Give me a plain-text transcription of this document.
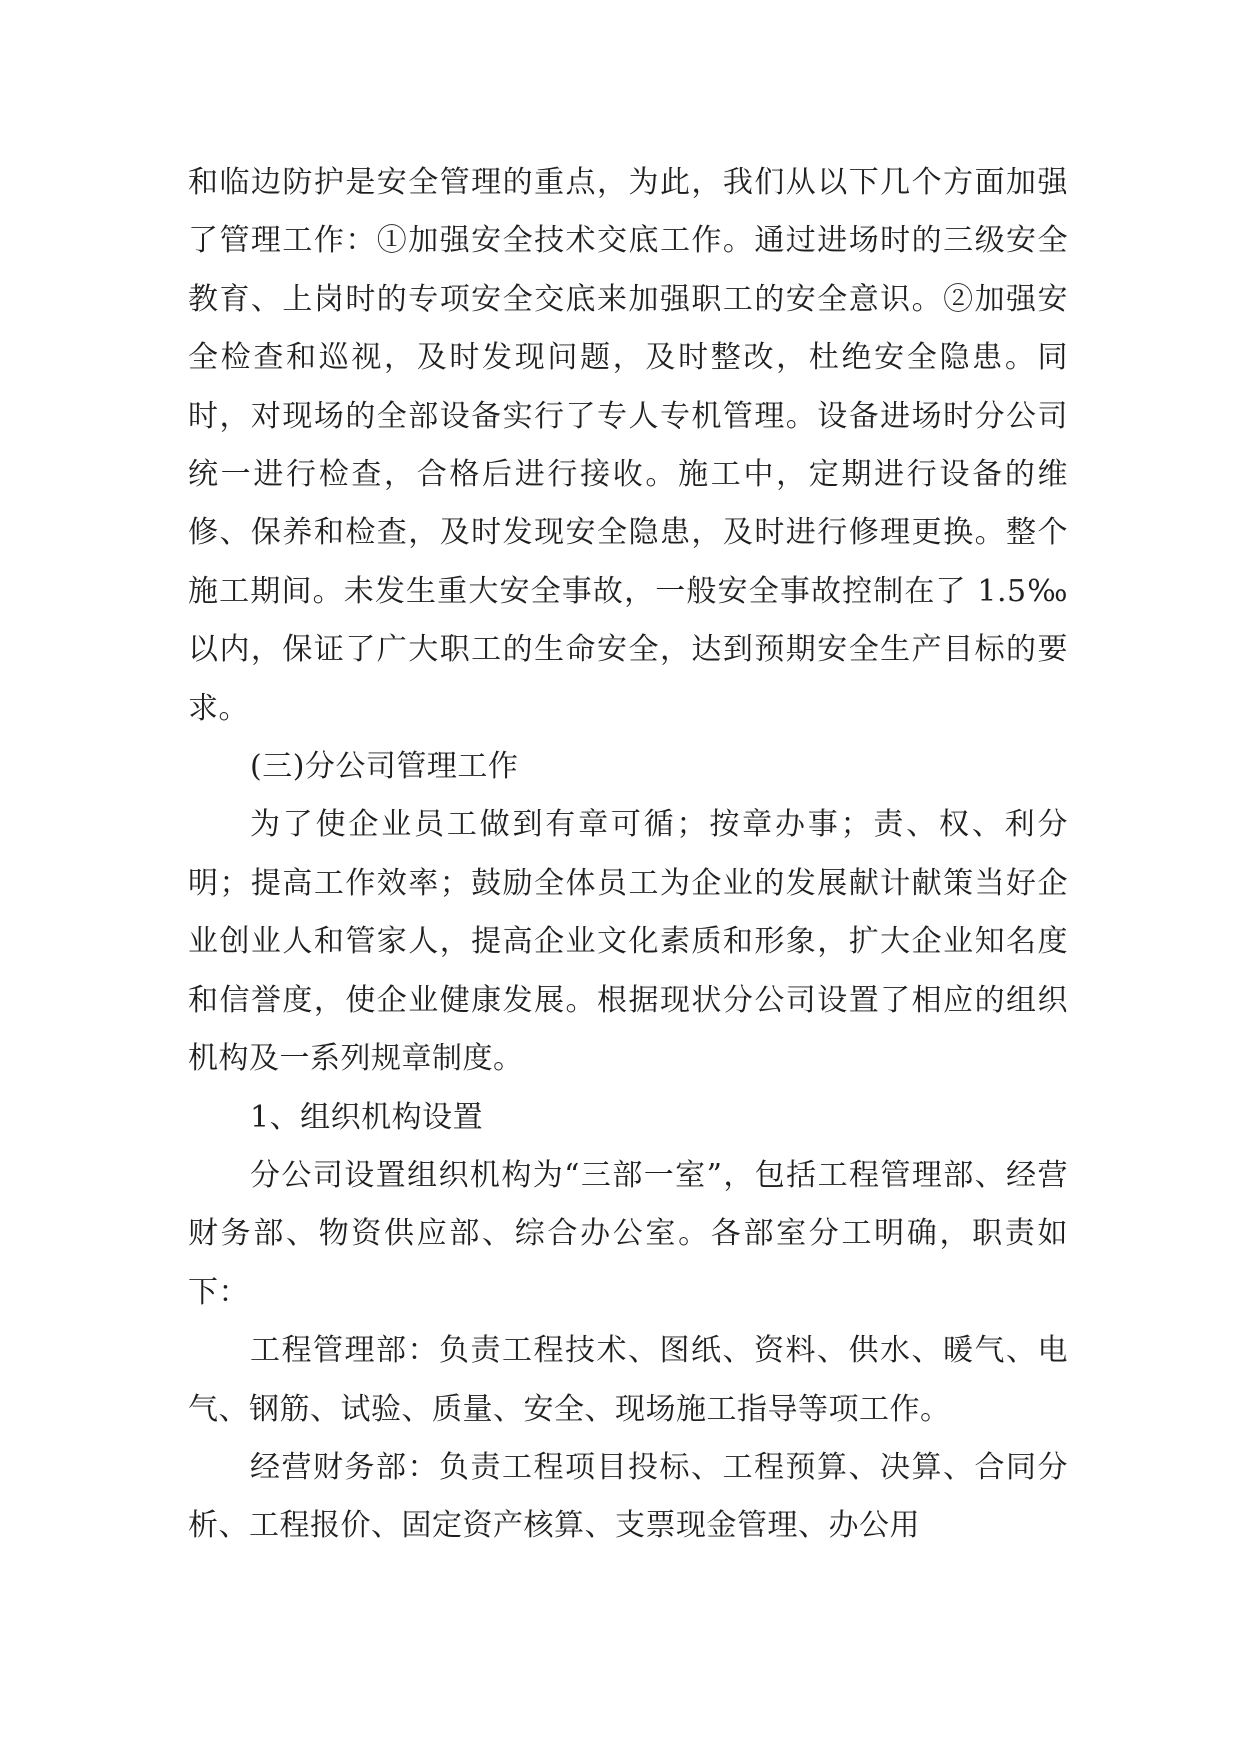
和临边防护是安全管理的重点，为此，我们从以下几个方面加强了管理工作：①加强安全技术交底工作。通过进场时的三级安全教育、上岗时的专项安全交底来加强职工的安全意识。②加强安全检查和巡视，及时发现问题，及时整改，杜绝安全隐患。同时，对现场的全部设备实行了专人专机管理。设备进场时分公司统一进行检查，合格后进行接收。施工中，定期进行设备的维修、保养和检查，及时发现安全隐患，及时进行修理更换。整个施工期间。未发生重大安全事故，一般安全事故控制在了 1.5‰以内，保证了广大职工的生命安全，达到预期安全生产目标的要求。

(三)分公司管理工作

为了使企业员工做到有章可循；按章办事；责、权、利分明；提高工作效率；鼓励全体员工为企业的发展献计献策当好企业创业人和管家人，提高企业文化素质和形象，扩大企业知名度和信誉度，使企业健康发展。根据现状分公司设置了相应的组织机构及一系列规章制度。

1、组织机构设置

分公司设置组织机构为“三部一室”，包括工程管理部、经营财务部、物资供应部、综合办公室。各部室分工明确，职责如下：

工程管理部：负责工程技术、图纸、资料、供水、暖气、电气、钢筋、试验、质量、安全、现场施工指导等项工作。

经营财务部：负责工程项目投标、工程预算、决算、合同分析、工程报价、固定资产核算、支票现金管理、办公用
